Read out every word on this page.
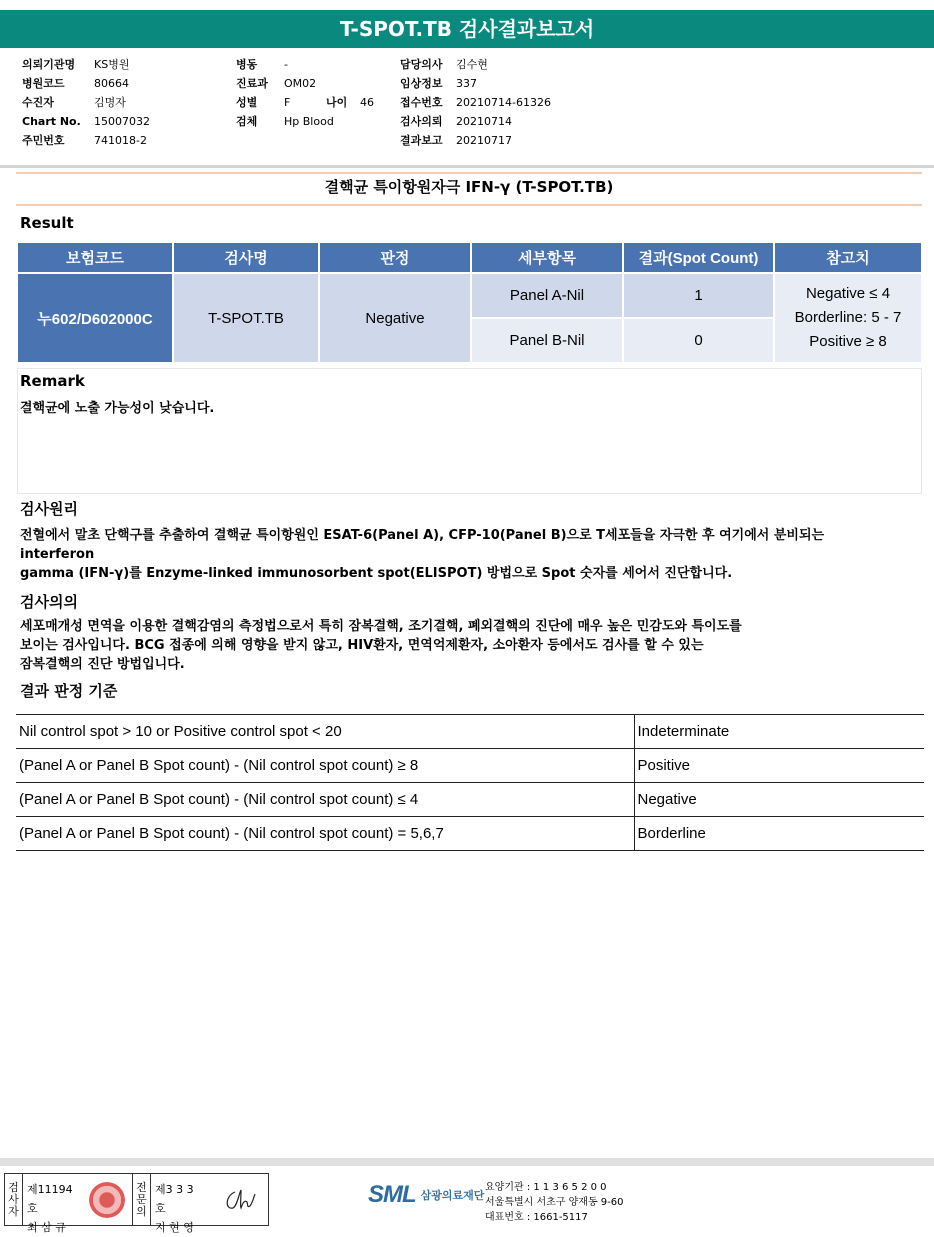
T-SPOT.TB 검사결과보고서
의뢰기관명	KS병원
병원코드	80664
수진자	김명자
Chart No.	15007032
주민번호	741018-2
병동	-
진료과	OM02
성별	F	나이	46
검체	Hp Blood
담당의사	김수현
임상정보	337
접수번호	20210714-61326
검사의뢰	20210714
결과보고	20210717
결핵균 특이항원자극 IFN-γ (T-SPOT.TB)
Result
보험코드	검사명	판정	세부항목	결과(Spot Count)	참고치
누602/D602000C	T-SPOT.TB	Negative	Panel A-Nil	1	Negative ≤ 4
Borderline: 5 - 7
Positive ≥ 8

			Panel B-Nil	0	
Remark
결핵균에 노출 가능성이 낮습니다.
검사원리
전혈에서 말초 단핵구를 추출하여 결핵균 특이항원인 ESAT-6(Panel A), CFP-10(Panel B)으로 T세포들을 자극한 후 여기에서 분비되는
interferon
gamma (IFN-γ)를 Enzyme-linked immunosorbent spot(ELISPOT) 방법으로 Spot 숫자를 세어서 진단합니다.
검사의의
세포매개성 면역을 이용한 결핵감염의 측정법으로서 특히 잠복결핵, 조기결핵, 폐외결핵의 진단에 매우 높은 민감도와 특이도를
보이는 검사입니다. BCG 접종에 의해 영향을 받지 않고, HIV환자, 면역억제환자, 소아환자 등에서도 검사를 할 수 있는
잠복결핵의 진단 방법입니다.
결과 판정 기준
Nil control spot > 10 or Positive control spot < 20	Indeterminate
(Panel A or Panel B Spot count) - (Nil control spot count) ≥ 8	Positive
(Panel A or Panel B Spot count) - (Nil control spot count) ≤ 4	Negative
(Panel A or Panel B Spot count) - (Nil control spot count) = 5,6,7	Borderline
검
사
자
제11194호
최 삼 규
전
문
의
제3 3 3 호
지 현 영
SML 삼광의료재단
요양기관 : 1 1 3 6 5 2 0 0
서울특별시 서초구 양재동 9-60
대표번호 : 1661-5117
